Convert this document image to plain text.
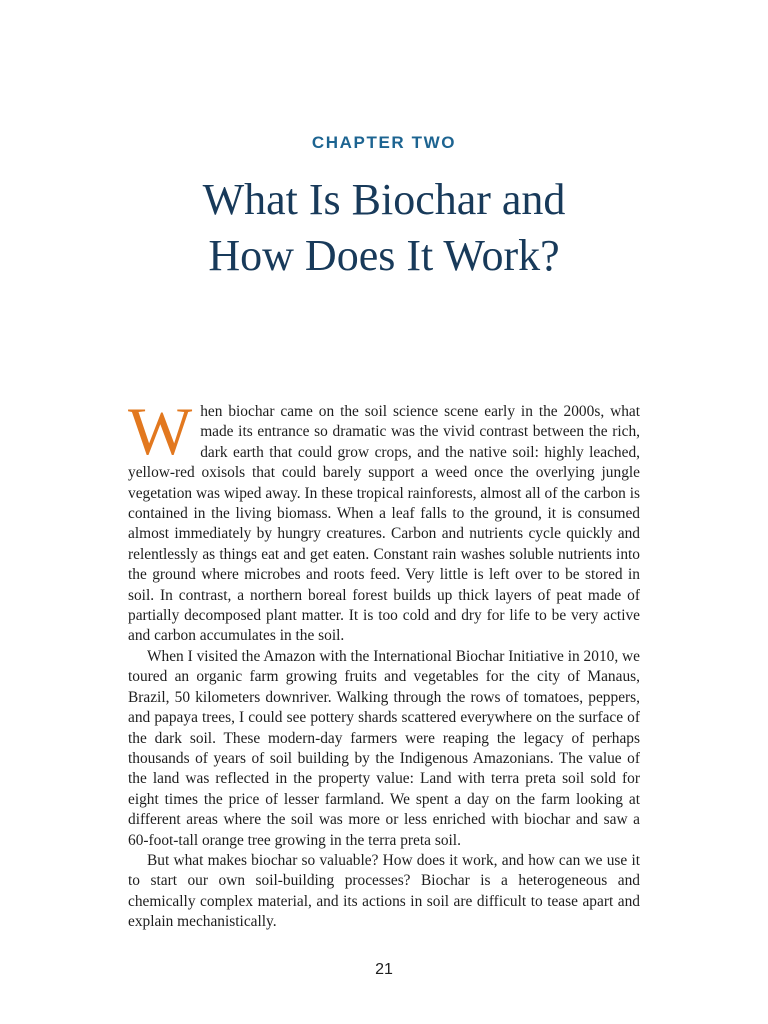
CHAPTER TWO
What Is Biochar and
How Does It Work?

When biochar came on the soil science scene early in the 2000s, what made its entrance so dramatic was the vivid contrast between the rich, dark earth that could grow crops, and the native soil: highly leached, yellow-red oxisols that could barely support a weed once the overlying jungle vegetation was wiped away. In these tropical rainforests, almost all of the carbon is contained in the living biomass. When a leaf falls to the ground, it is consumed almost immediately by hungry creatures. Carbon and nutrients cycle quickly and relentlessly as things eat and get eaten. Constant rain washes soluble nutrients into the ground where microbes and roots feed. Very little is left over to be stored in soil. In contrast, a northern boreal forest builds up thick layers of peat made of partially decomposed plant matter. It is too cold and dry for life to be very active and carbon accumulates in the soil.

When I visited the Amazon with the International Biochar Initiative in 2010, we toured an organic farm growing fruits and vegetables for the city of Manaus, Brazil, 50 kilometers downriver. Walking through the rows of tomatoes, peppers, and papaya trees, I could see pottery shards scattered everywhere on the surface of the dark soil. These modern-day farmers were reaping the legacy of perhaps thousands of years of soil building by the Indigenous Amazonians. The value of the land was reflected in the property value: Land with terra preta soil sold for eight times the price of lesser farmland. We spent a day on the farm looking at different areas where the soil was more or less enriched with biochar and saw a 60-foot-tall orange tree growing in the terra preta soil.

But what makes biochar so valuable? How does it work, and how can we use it to start our own soil-building processes? Biochar is a heterogeneous and chemically complex material, and its actions in soil are difficult to tease apart and explain mechanistically.

21
